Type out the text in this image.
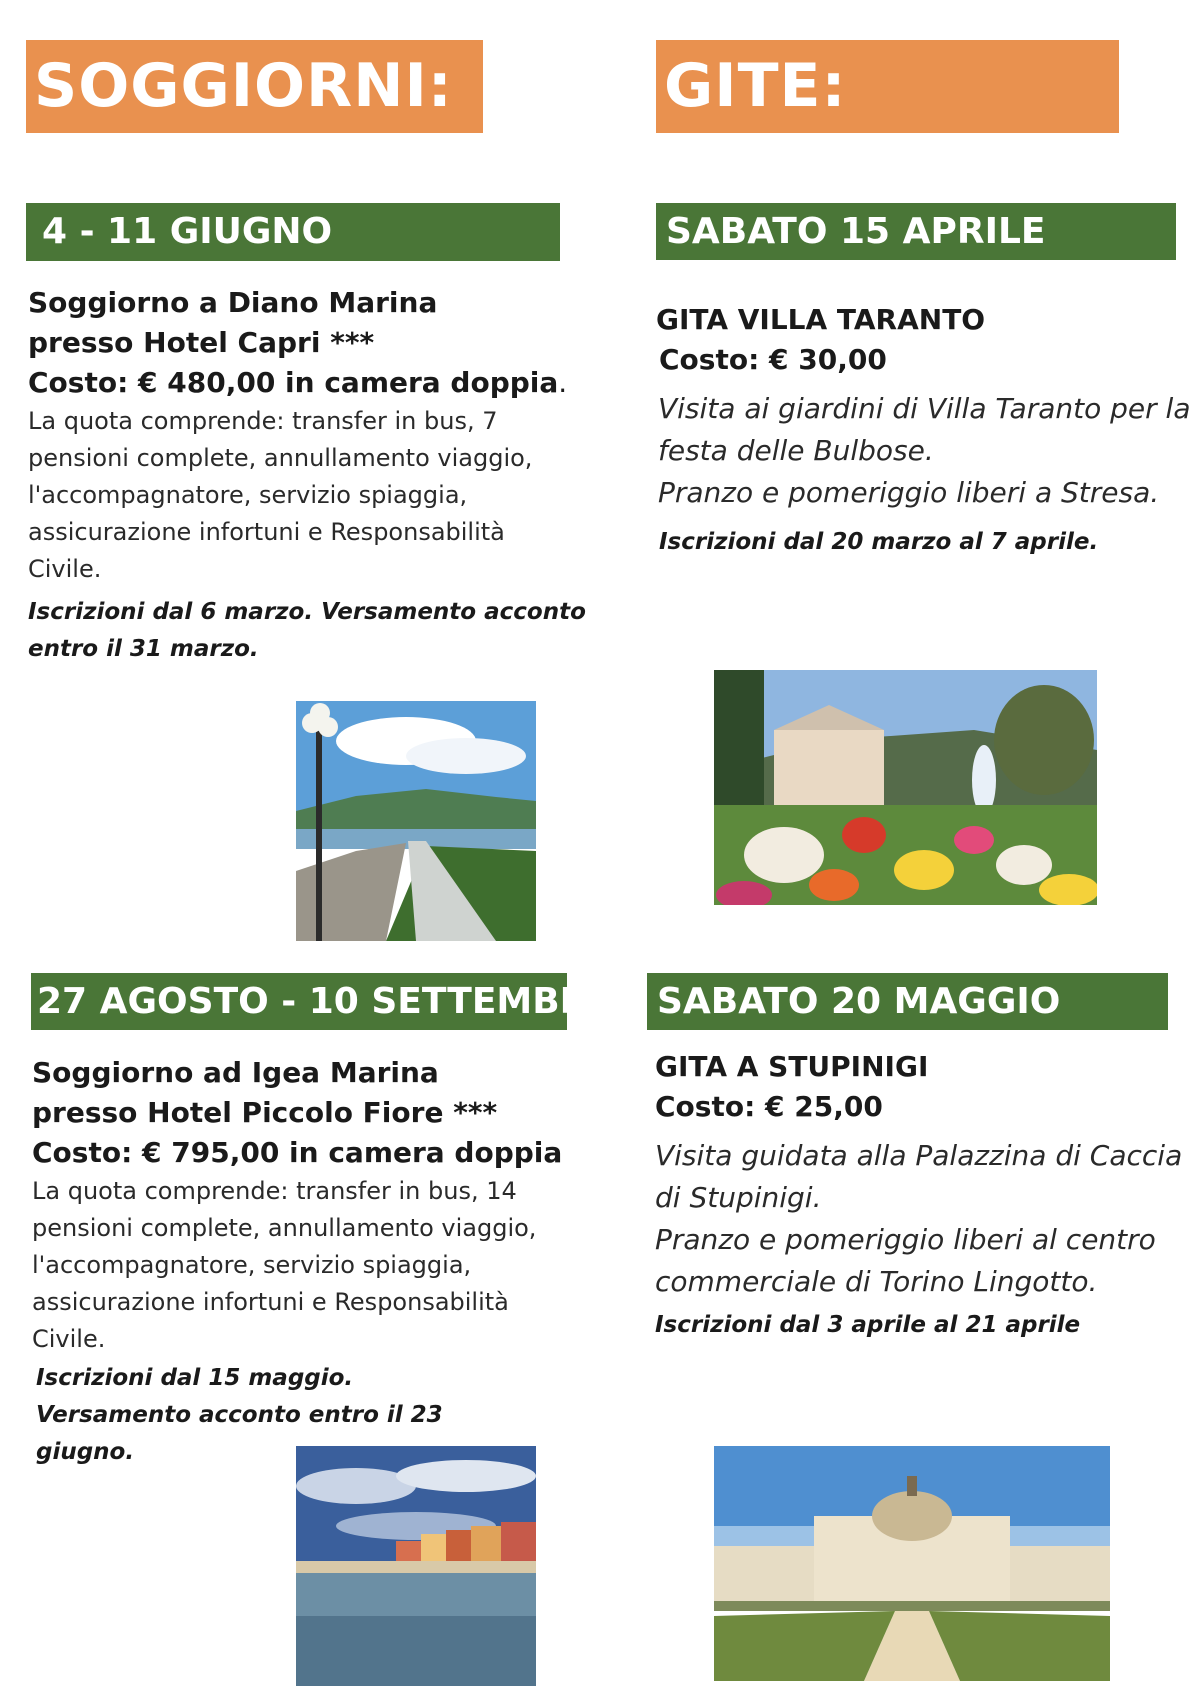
SOGGIORNI:	GITE:
4 - 11 GIUGNO

Soggiorno a Diano Marina

presso Hotel Capri ***

Costo: € 480,00 in camera doppia.

La quota comprende: transfer in bus, 7 pensioni complete, annullamento viaggio, l'accompagnatore, servizio spiaggia, assicurazione infortuni e Responsabilità Civile.

Iscrizioni dal 6 marzo. Versamento acconto entro il 31 marzo.

27 AGOSTO - 10 SETTEMBRE

Soggiorno ad Igea Marina

presso Hotel Piccolo Fiore ***

Costo: € 795,00 in camera doppia

La quota comprende: transfer in bus, 14 pensioni complete, annullamento viaggio, l'accompagnatore, servizio spiaggia, assicurazione infortuni e Responsabilità Civile.

Iscrizioni dal 15 maggio. Versamento acconto entro il 23 giugno.

SABATO 15 APRILE

GITA VILLA TARANTO

Costo: € 30,00

Visita ai giardini di Villa Taranto per la festa delle Bulbose.

Pranzo e pomeriggio liberi a Stresa.

Iscrizioni dal 20 marzo al 7 aprile.

SABATO 20 MAGGIO

GITA A STUPINIGI

Costo: € 25,00

Visita guidata alla Palazzina di Caccia di Stupinigi.

Pranzo e pomeriggio liberi al centro commerciale di Torino Lingotto.

Iscrizioni dal 3 aprile al 21 aprile
